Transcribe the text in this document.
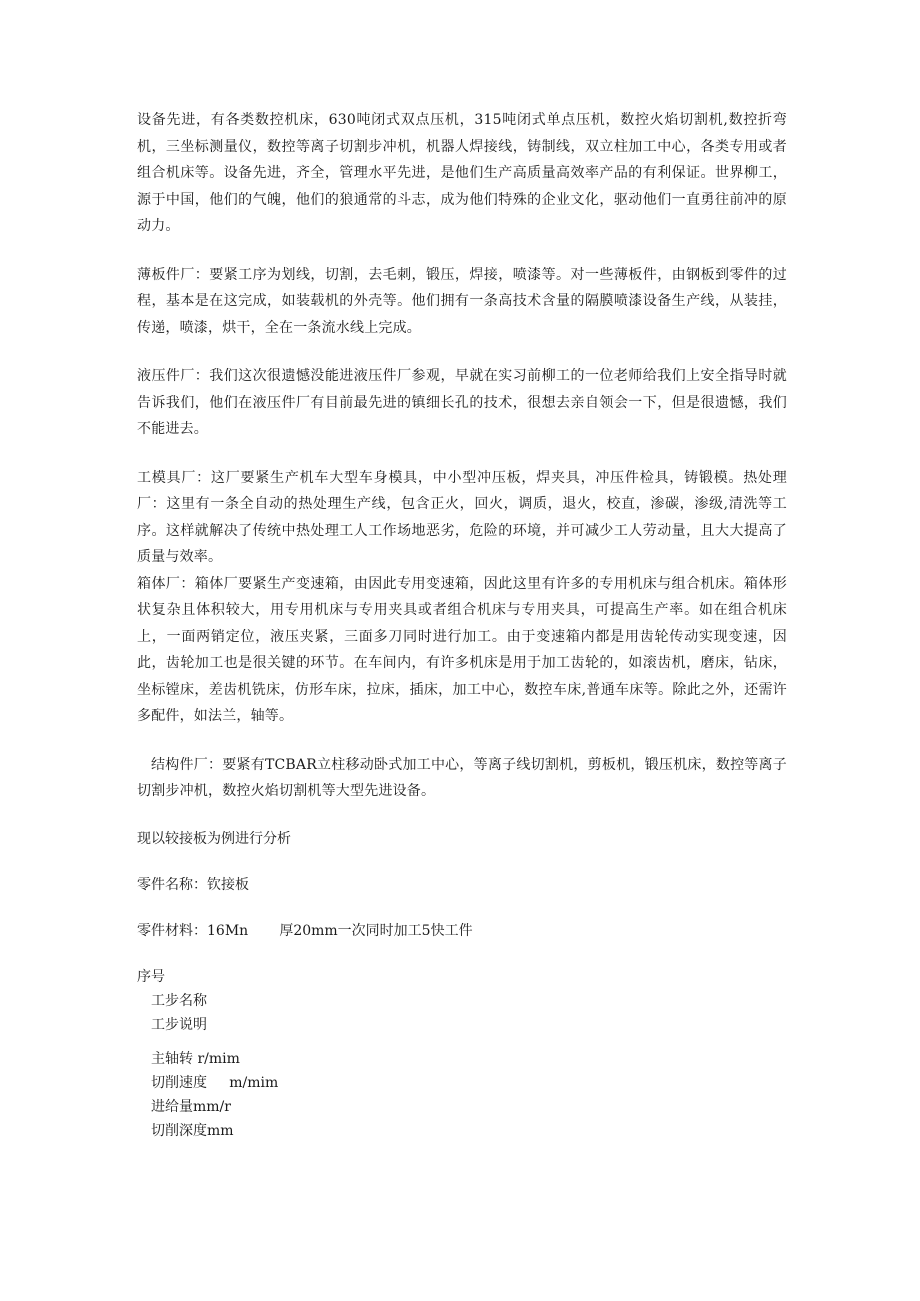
设备先进，有各类数控机床，630吨闭式双点压机，315吨闭式单点压机，数控火焰切割机,数控折弯机，三坐标测量仪，数控等离子切割步冲机，机器人焊接线，铸制线，双立柱加工中心，各类专用或者组合机床等。设备先进，齐全，管理水平先进，是他们生产高质量高效率产品的有利保证。世界柳工，源于中国，他们的气魄，他们的狼通常的斗志，成为他们特殊的企业文化，驱动他们一直勇往前冲的原动力。

薄板件厂：要紧工序为划线，切割，去毛刺，锻压，焊接，喷漆等。对一些薄板件，由钢板到零件的过程，基本是在这完成，如装载机的外壳等。他们拥有一条高技术含量的隔膜喷漆设备生产线，从装挂，传递，喷漆，烘干，全在一条流水线上完成。

液压件厂：我们这次很遗憾没能进液压件厂参观，早就在实习前柳工的一位老师给我们上安全指导时就告诉我们，他们在液压件厂有目前最先进的镇细长孔的技术，很想去亲自领会一下，但是很遗憾，我们不能进去。

工模具厂：这厂要紧生产机车大型车身模具，中小型冲压板，焊夹具，冲压件检具，铸锻模。热处理厂：这里有一条全自动的热处理生产线，包含正火，回火，调质，退火，校直，渗碳，渗级,清洗等工序。这样就解决了传统中热处理工人工作场地恶劣，危险的环境，并可减少工人劳动量，且大大提高了质量与效率。

箱体厂：箱体厂要紧生产变速箱，由因此专用变速箱，因此这里有许多的专用机床与组合机床。箱体形状复杂且体积较大，用专用机床与专用夹具或者组合机床与专用夹具，可提高生产率。如在组合机床上，一面两销定位，液压夹紧，三面多刀同时进行加工。由于变速箱内都是用齿轮传动实现变速，因此，齿轮加工也是很关键的环节。在车间内，有许多机床是用于加工齿轮的，如滚齿机，磨床，钻床，坐标镗床，差齿机铣床，仿形车床，拉床，插床，加工中心，数控车床,普通车床等。除此之外，还需许多配件，如法兰，轴等。

结构件厂：要紧有TCBAR立柱移动卧式加工中心，等离子线切割机，剪板机，锻压机床，数控等离子切割步冲机，数控火焰切割机等大型先进设备。

现以较接板为例进行分析

零件名称：钦接板

零件材料：16Mn       厚20mm一次同时加工5快工件

序号

工步名称

工步说明

主轴转 r/mim

切削速度     m/mim

进给量mm/r

切削深度mm
